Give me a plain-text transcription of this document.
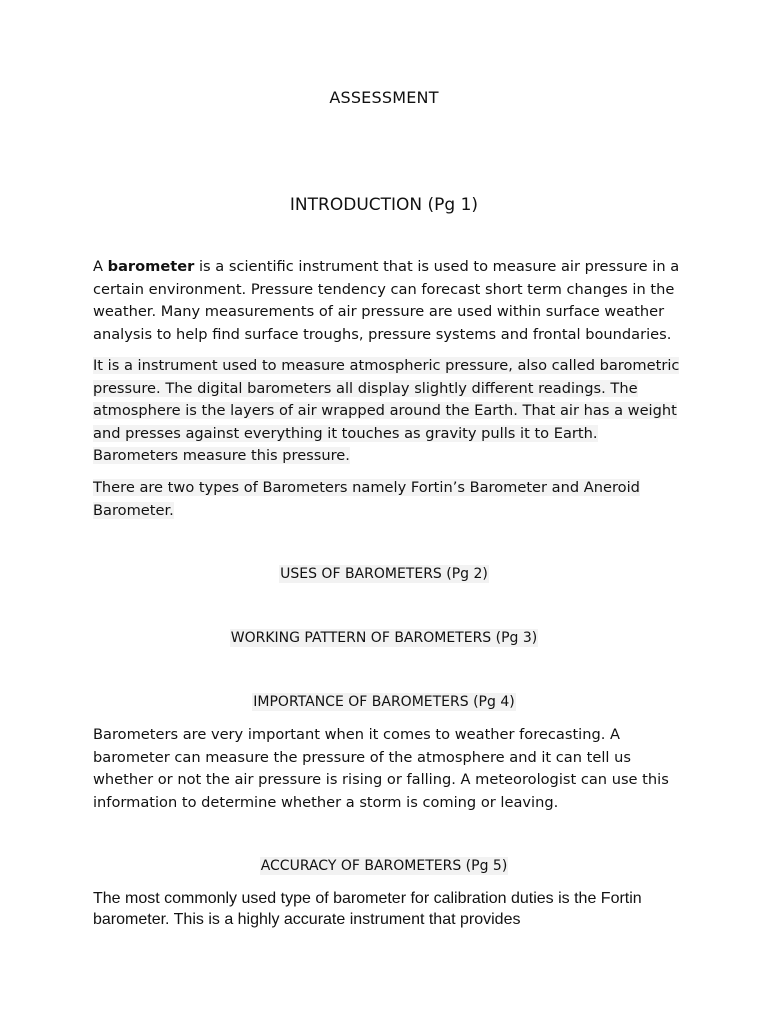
ASSESSMENT
INTRODUCTION (Pg 1)

A barometer is a scientific instrument that is used to measure air pressure in a certain environment. Pressure tendency can forecast short term changes in the weather. Many measurements of air pressure are used within surface weather analysis to help find surface troughs, pressure systems and frontal boundaries.

It is a instrument used to measure atmospheric pressure, also called barometric pressure. The digital barometers all display slightly different readings. The atmosphere is the layers of air wrapped around the Earth. That air has a weight and presses against everything it touches as gravity pulls it to Earth. Barometers measure this pressure.

There are two types of Barometers namely Fortin’s Barometer and Aneroid Barometer.

USES OF BAROMETERS (Pg 2)
WORKING PATTERN OF BAROMETERS (Pg 3)
IMPORTANCE OF BAROMETERS (Pg 4)

Barometers are very important when it comes to weather forecasting. A barometer can measure the pressure of the atmosphere and it can tell us whether or not the air pressure is rising or falling. A meteorologist can use this information to determine whether a storm is coming or leaving.

ACCURACY OF BAROMETERS (Pg 5)

The most commonly used type of barometer for calibration duties is the Fortin barometer. This is a highly accurate instrument that provides
